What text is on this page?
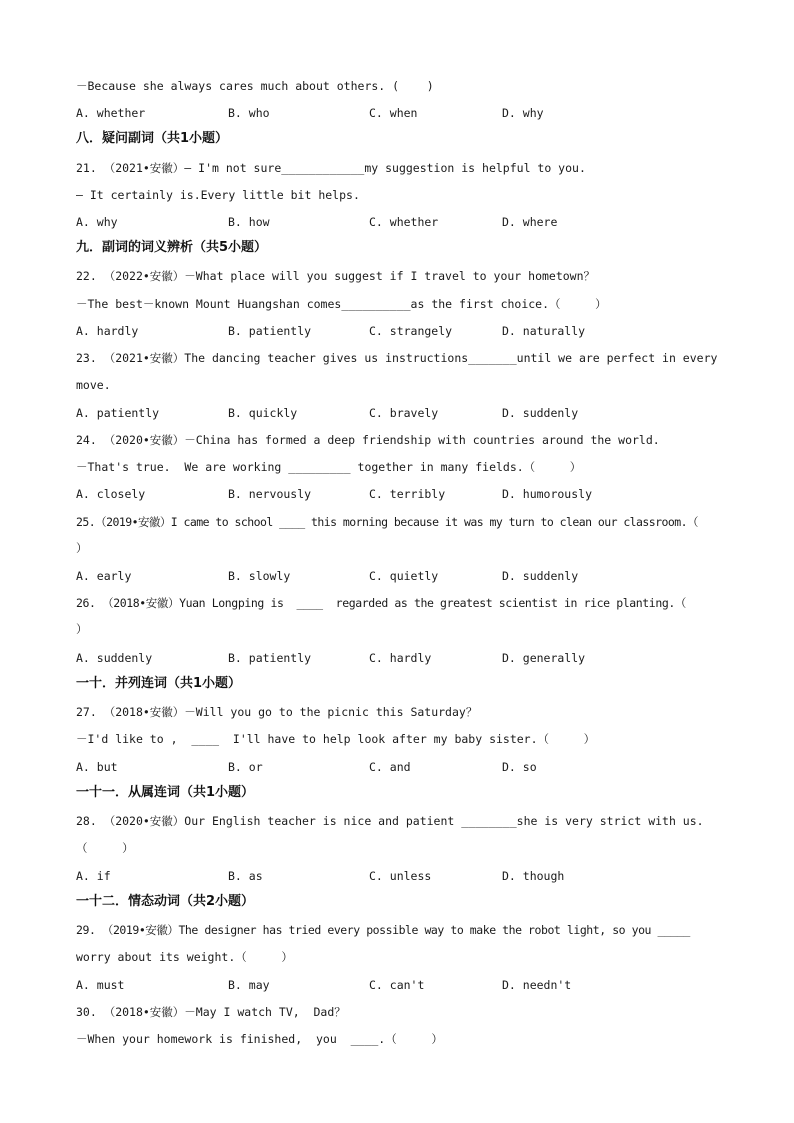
－Because she always cares much about others. (    )
A. whether	B. who	C. when	D. why
八．疑问副词（共1小题）
21. （2021•安徽）— I'm not sure____________my suggestion is helpful to you.
— It certainly is.Every little bit helps.
A. why	B. how	C. whether	D. where
九．副词的词义辨析（共5小题）
22. （2022•安徽）－What place will you suggest if I travel to your hometown？
－The best－known Mount Huangshan comes__________as the first choice.（     ）
A. hardly	B. patiently	C. strangely	D. naturally
23. （2021•安徽）The dancing teacher gives us instructions_______until we are perfect in every
move.
A. patiently	B. quickly	C. bravely	D. suddenly
24. （2020•安徽）－China has formed a deep friendship with countries around the world.
－That's true.  We are working _________ together in many fields.（     ）
A. closely	B. nervously	C. terribly	D. humorously
25.（2019•安徽）I came to school ____ this morning because it was my turn to clean our classroom.（
）
A. early	B. slowly	C. quietly	D. suddenly
26. （2018•安徽）Yuan Longping is  ____  regarded as the greatest scientist in rice planting.（
）
A. suddenly	B. patiently	C. hardly	D. generally
一十．并列连词（共1小题）
27. （2018•安徽）－Will you go to the picnic this Saturday？
－I'd like to ,  ____  I'll have to help look after my baby sister.（     ）
A. but	B. or	C. and	D. so
一十一．从属连词（共1小题）
28. （2020•安徽）Our English teacher is nice and patient ________she is very strict with us.
（     ）
A. if	B. as	C. unless	D. though
一十二．情态动词（共2小题）
29. （2019•安徽）The designer has tried every possible way to make the robot light, so you _____
worry about its weight.（     ）
A. must	B. may	C. can't	D. needn't
30. （2018•安徽）－May I watch TV,  Dad？
－When your homework is finished,  you  ____.（     ）
